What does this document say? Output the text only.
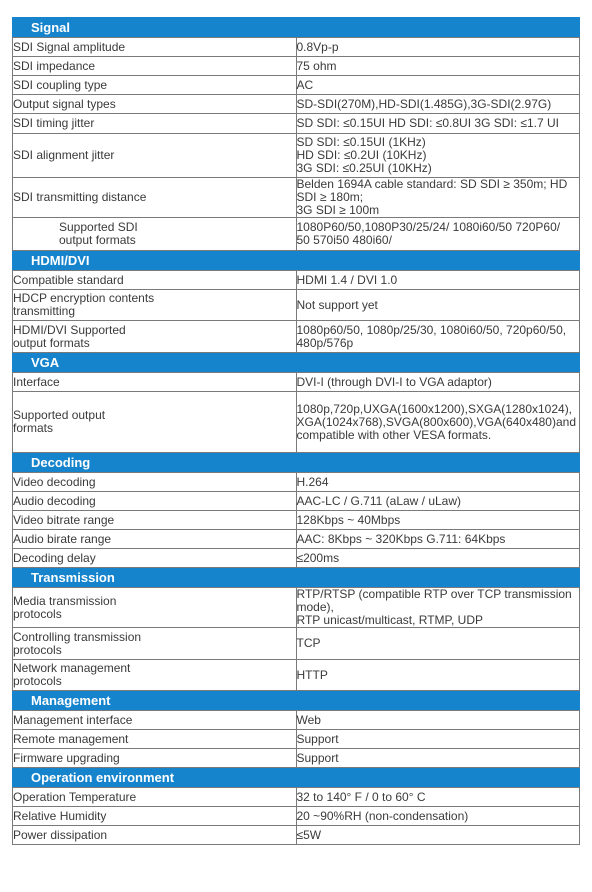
Signal	
SDI Signal amplitude	0.8Vp-p

SDI impedance	75 ohm

SDI coupling type	AC

Output signal types	SD-SDI(270M),HD-SDI(1.485G),3G-SDI(2.97G)

SDI timing jitter	SD SDI: ≤0.15UI HD SDI: ≤0.8UI 3G SDI: ≤1.7 UI

SDI alignment jitter	SD SDI: ≤0.15UI (1KHz)
HD SDI: ≤0.2UI (10KHz)
3G SDI: ≤0.25UI (10KHz)

SDI transmitting distance	Belden 1694A cable standard: SD SDI ≥ 350m; HD SDI ≥ 180m;
3G SDI ≥ 100m

Supported SDI
output formats	1080P60/50,1080P30/25/24/ 1080i60/50 720P60/
50 570i50 480i60/

HDMI/DVI	
Compatible standard	HDMI 1.4 / DVI 1.0

HDCP encryption contents
transmitting	Not support yet

HDMI/DVI Supported
output formats	1080p60/50, 1080p/25/30, 1080i60/50, 720p60/50, 480p/576p

VGA	
Interface	DVI-I (through DVI-I to VGA adaptor)

Supported output
formats	1080p,720p,UXGA(1600x1200),SXGA(1280x1024),
XGA(1024x768),SVGA(800x600),VGA(640x480)and
compatible with other VESA formats.

Decoding	
Video decoding	H.264

Audio decoding	AAC-LC / G.711 (aLaw / uLaw)

Video bitrate range	128Kbps ~ 40Mbps

Audio birate range	AAC: 8Kbps ~ 320Kbps G.711: 64Kbps

Decoding delay	≤200ms

Transmission	

Media transmission
protocols	RTP/RTSP (compatible RTP over TCP transmission mode),
RTP unicast/multicast, RTMP, UDP

Controlling transmission
protocols	TCP

Network management
protocols	HTTP

Management	
Management interface	Web

Remote management	Support

Firmware upgrading	Support

Operation environment	
Operation Temperature	32 to 140° F / 0 to 60° C

Relative Humidity	20 ~90%RH (non-condensation)

Power dissipation	≤5W
